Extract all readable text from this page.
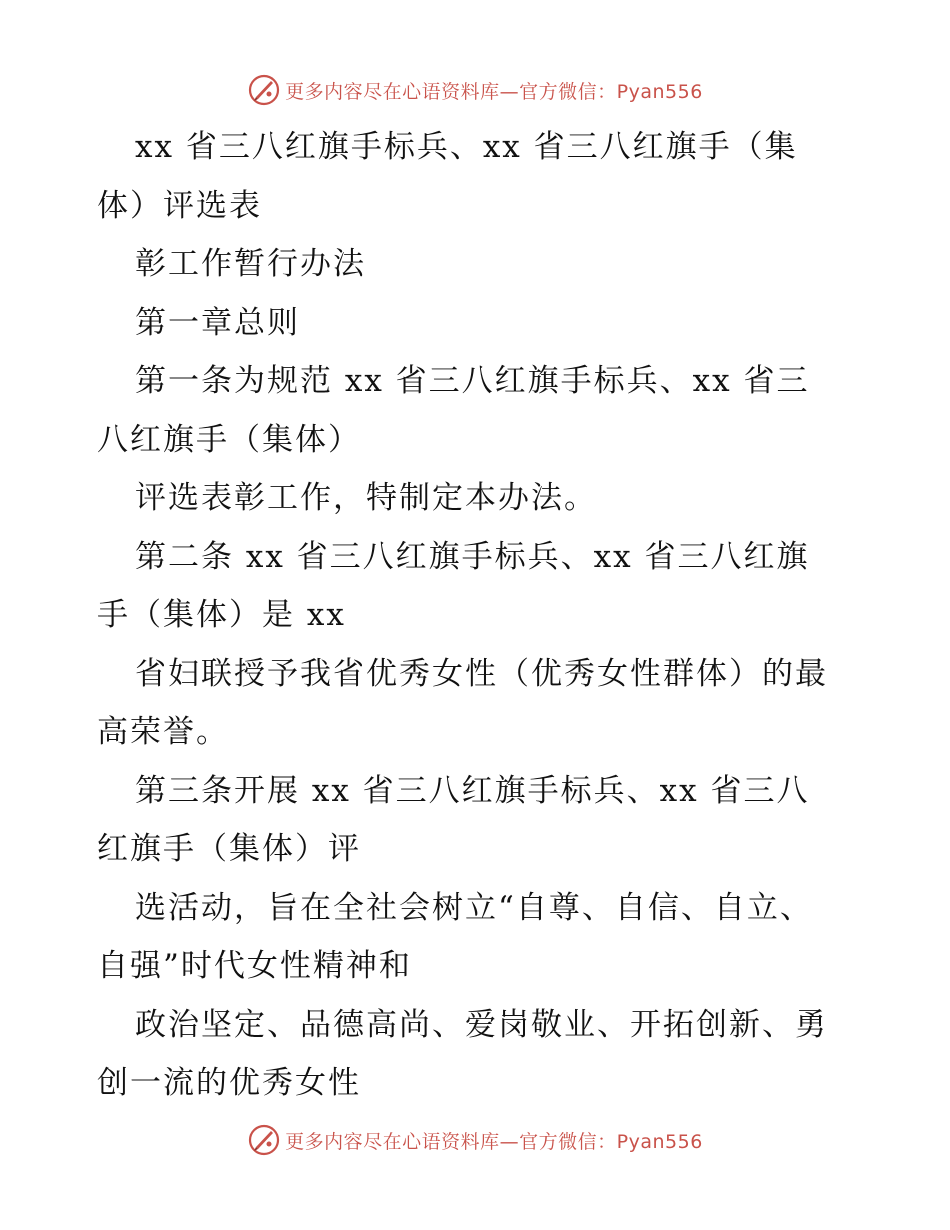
更多内容尽在心语资料库—官方微信：Pyan556
xx 省三八红旗手标兵、xx 省三八红旗手（集
体）评选表
彰工作暂行办法
第一章总则
第一条为规范 xx 省三八红旗手标兵、xx 省三
八红旗手（集体）
评选表彰工作，特制定本办法。
第二条 xx 省三八红旗手标兵、xx 省三八红旗
手（集体）是 xx
省妇联授予我省优秀女性（优秀女性群体）的最
高荣誉。
第三条开展 xx 省三八红旗手标兵、xx 省三八
红旗手（集体）评
选活动，旨在全社会树立“自尊、自信、自立、
自强”时代女性精神和
政治坚定、品德高尚、爱岗敬业、开拓创新、勇
创一流的优秀女性
更多内容尽在心语资料库—官方微信：Pyan556
